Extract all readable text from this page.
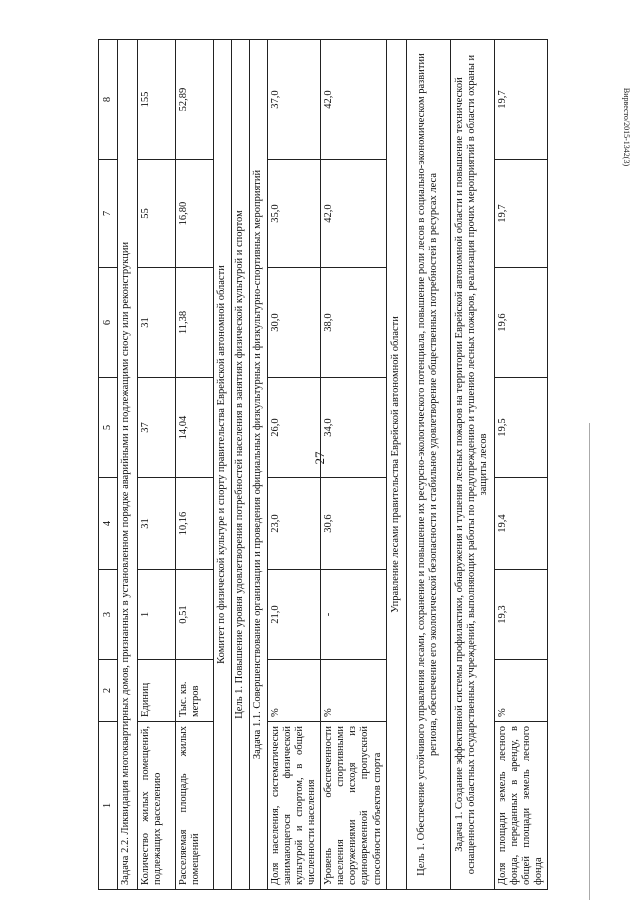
27
Вирвесто/2015-1342(3)
1	2	3	4	5	6	7	8
Задача 2.2. Ликвидация многоквартирных домов, признанных в установленном порядке аварийными и подлежащими сносу или реконструкции							
Количество жилых помещений, подлежащих расселению	Единиц	1	31	37	31	55	155
Расселяемая площадь жилых помещений	Тыс. кв. метров	0,51	10,16	14,04	11,38	16,80	52,89
Комитет по физической культуре и спорту правительства Еврейской автономной области							
Цель 1. Повышение уровня удовлетворения потребностей населения в занятиях физической культурой и спортом							
Задача 1.1. Совершенствование организации и проведения официальных физкультурных и физкультурно-спортивных мероприятий							
Доля населения, систематически занимающегося физической культурой и спортом, в общей численности населения	%	21,0	23,0	26,0	30,0	35,0	37,0
Уровень обеспеченности населения спортивными сооружениями исходя из единовременной пропускной способности объектов спорта	%	-	30,6	34,0	38,0	42,0	42,0
Управление лесами правительства Еврейской автономной области							
Цель 1. Обеспечение устойчивого управления лесами, сохранение и повышение их ресурсно-экологического потенциала, повышение роли лесов в социально-экономическом развитии региона, обеспечение его экологической безопасности и стабильное удовлетворение общественных потребностей в ресурсах леса							
Задача 1. Создание эффективной системы профилактики, обнаружения и тушения лесных пожаров на территории Еврейской автономной области и повышение технической оснащенности областных государственных учреждений, выполняющих работы по предупреждению и тушению лесных пожаров, реализация прочих мероприятий в области охраны и защиты лесов							
Доля площади земель лесного фонда, переданных в аренду, в общей площади земель лесного фонда	%	19,3	19,4	19,5	19,6	19,7	19,7
